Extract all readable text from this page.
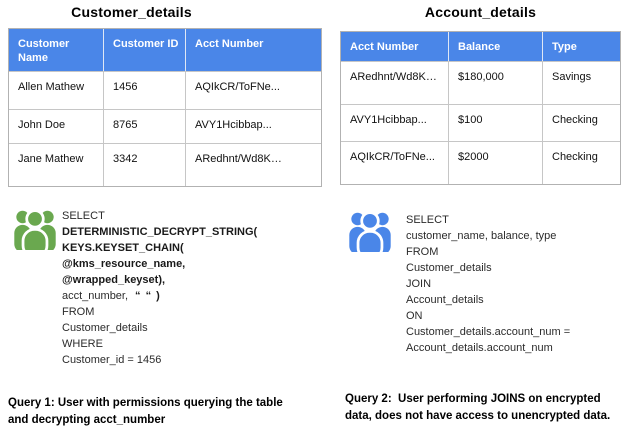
Customer_details	Account_details
Customer Name	Customer ID	Acct Number
Allen Mathew	1456	AQIkCR/ToFNe...
John Doe	8765	AVY1Hcibbap...
Jane Mathew	3342	ARedhnt/Wd8K…
Acct Number	Balance	Type
ARedhnt/Wd8K…	$180,000	Savings
AVY1Hcibbap...	$100	Checking
AQIkCR/ToFNe...	$2000	Checking
SELECT
DETERMINISTIC_DECRYPT_STRING(
KEYS.KEYSET_CHAIN(
@kms_resource_name,
@wrapped_keyset),
acct_number, “ “ )
FROM
Customer_details
WHERE
Customer_id = 1456
SELECT
customer_name, balance, type
FROM
Customer_details
JOIN
Account_details
ON
Customer_details.account_num =
Account_details.account_num
Query 1: User with permissions querying the table and decrypting acct_number
Query 2:  User performing JOINS on encrypted data, does not have access to unencrypted data.
